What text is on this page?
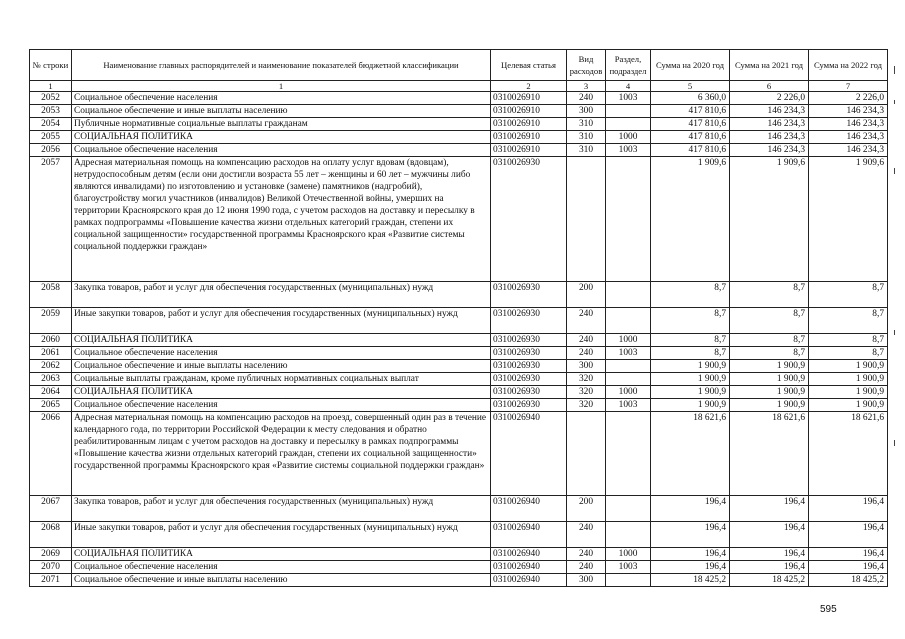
№ строки	Наименование главных распорядителей и наименование показателей бюджетной классификации	Целевая статья	Вид расходов	Раздел, подраздел	Сумма на 2020 год	Сумма на 2021 год	Сумма на 2022 год
1	1	2	3	4	5	6	7
2052	Социальное обеспечение населения	0310026910	240	1003	6 360,0	2 226,0	2 226,0
2053	Социальное обеспечение и иные выплаты населению	0310026910	300		417 810,6	146 234,3	146 234,3
2054	Публичные нормативные социальные выплаты гражданам	0310026910	310		417 810,6	146 234,3	146 234,3
2055	СОЦИАЛЬНАЯ ПОЛИТИКА	0310026910	310	1000	417 810,6	146 234,3	146 234,3
2056	Социальное обеспечение населения	0310026910	310	1003	417 810,6	146 234,3	146 234,3
2057	Адресная материальная помощь на компенсацию расходов на оплату услуг вдовам (вдовцам), нетрудоспособным детям (если они достигли возраста 55 лет – женщины и 60 лет – мужчины либо являются инвалидами) по изготовлению и установке (замене) памятников (надгробий), благоустройству могил участников (инвалидов) Великой Отечественной войны, умерших на территории Красноярского края до 12 июня 1990 года, с учетом расходов на доставку и пересылку в рамках подпрограммы «Повышение качества жизни отдельных категорий граждан, степени их социальной защищенности» государственной программы Красноярского края «Развитие системы социальной поддержки граждан»	0310026930			1 909,6	1 909,6	1 909,6
2058	Закупка товаров, работ и услуг для обеспечения государственных (муниципальных) нужд	0310026930	200		8,7	8,7	8,7
2059	Иные закупки товаров, работ и услуг для обеспечения государственных (муниципальных) нужд	0310026930	240		8,7	8,7	8,7
2060	СОЦИАЛЬНАЯ ПОЛИТИКА	0310026930	240	1000	8,7	8,7	8,7
2061	Социальное обеспечение населения	0310026930	240	1003	8,7	8,7	8,7
2062	Социальное обеспечение и иные выплаты населению	0310026930	300		1 900,9	1 900,9	1 900,9
2063	Социальные выплаты гражданам, кроме публичных нормативных социальных выплат	0310026930	320		1 900,9	1 900,9	1 900,9
2064	СОЦИАЛЬНАЯ ПОЛИТИКА	0310026930	320	1000	1 900,9	1 900,9	1 900,9
2065	Социальное обеспечение населения	0310026930	320	1003	1 900,9	1 900,9	1 900,9
2066	Адресная материальная помощь на компенсацию расходов на проезд, совершенный один раз в течение календарного года, по территории Российской Федерации к месту следования и обратно реабилитированным лицам с учетом расходов на доставку и пересылку в рамках подпрограммы «Повышение качества жизни отдельных категорий граждан, степени их социальной защищенности» государственной программы Красноярского края «Развитие системы социальной поддержки граждан»	0310026940			18 621,6	18 621,6	18 621,6
2067	Закупка товаров, работ и услуг для обеспечения государственных (муниципальных) нужд	0310026940	200		196,4	196,4	196,4
2068	Иные закупки товаров, работ и услуг для обеспечения государственных (муниципальных) нужд	0310026940	240		196,4	196,4	196,4
2069	СОЦИАЛЬНАЯ ПОЛИТИКА	0310026940	240	1000	196,4	196,4	196,4
2070	Социальное обеспечение населения	0310026940	240	1003	196,4	196,4	196,4
2071	Социальное обеспечение и иные выплаты населению	0310026940	300		18 425,2	18 425,2	18 425,2
595
